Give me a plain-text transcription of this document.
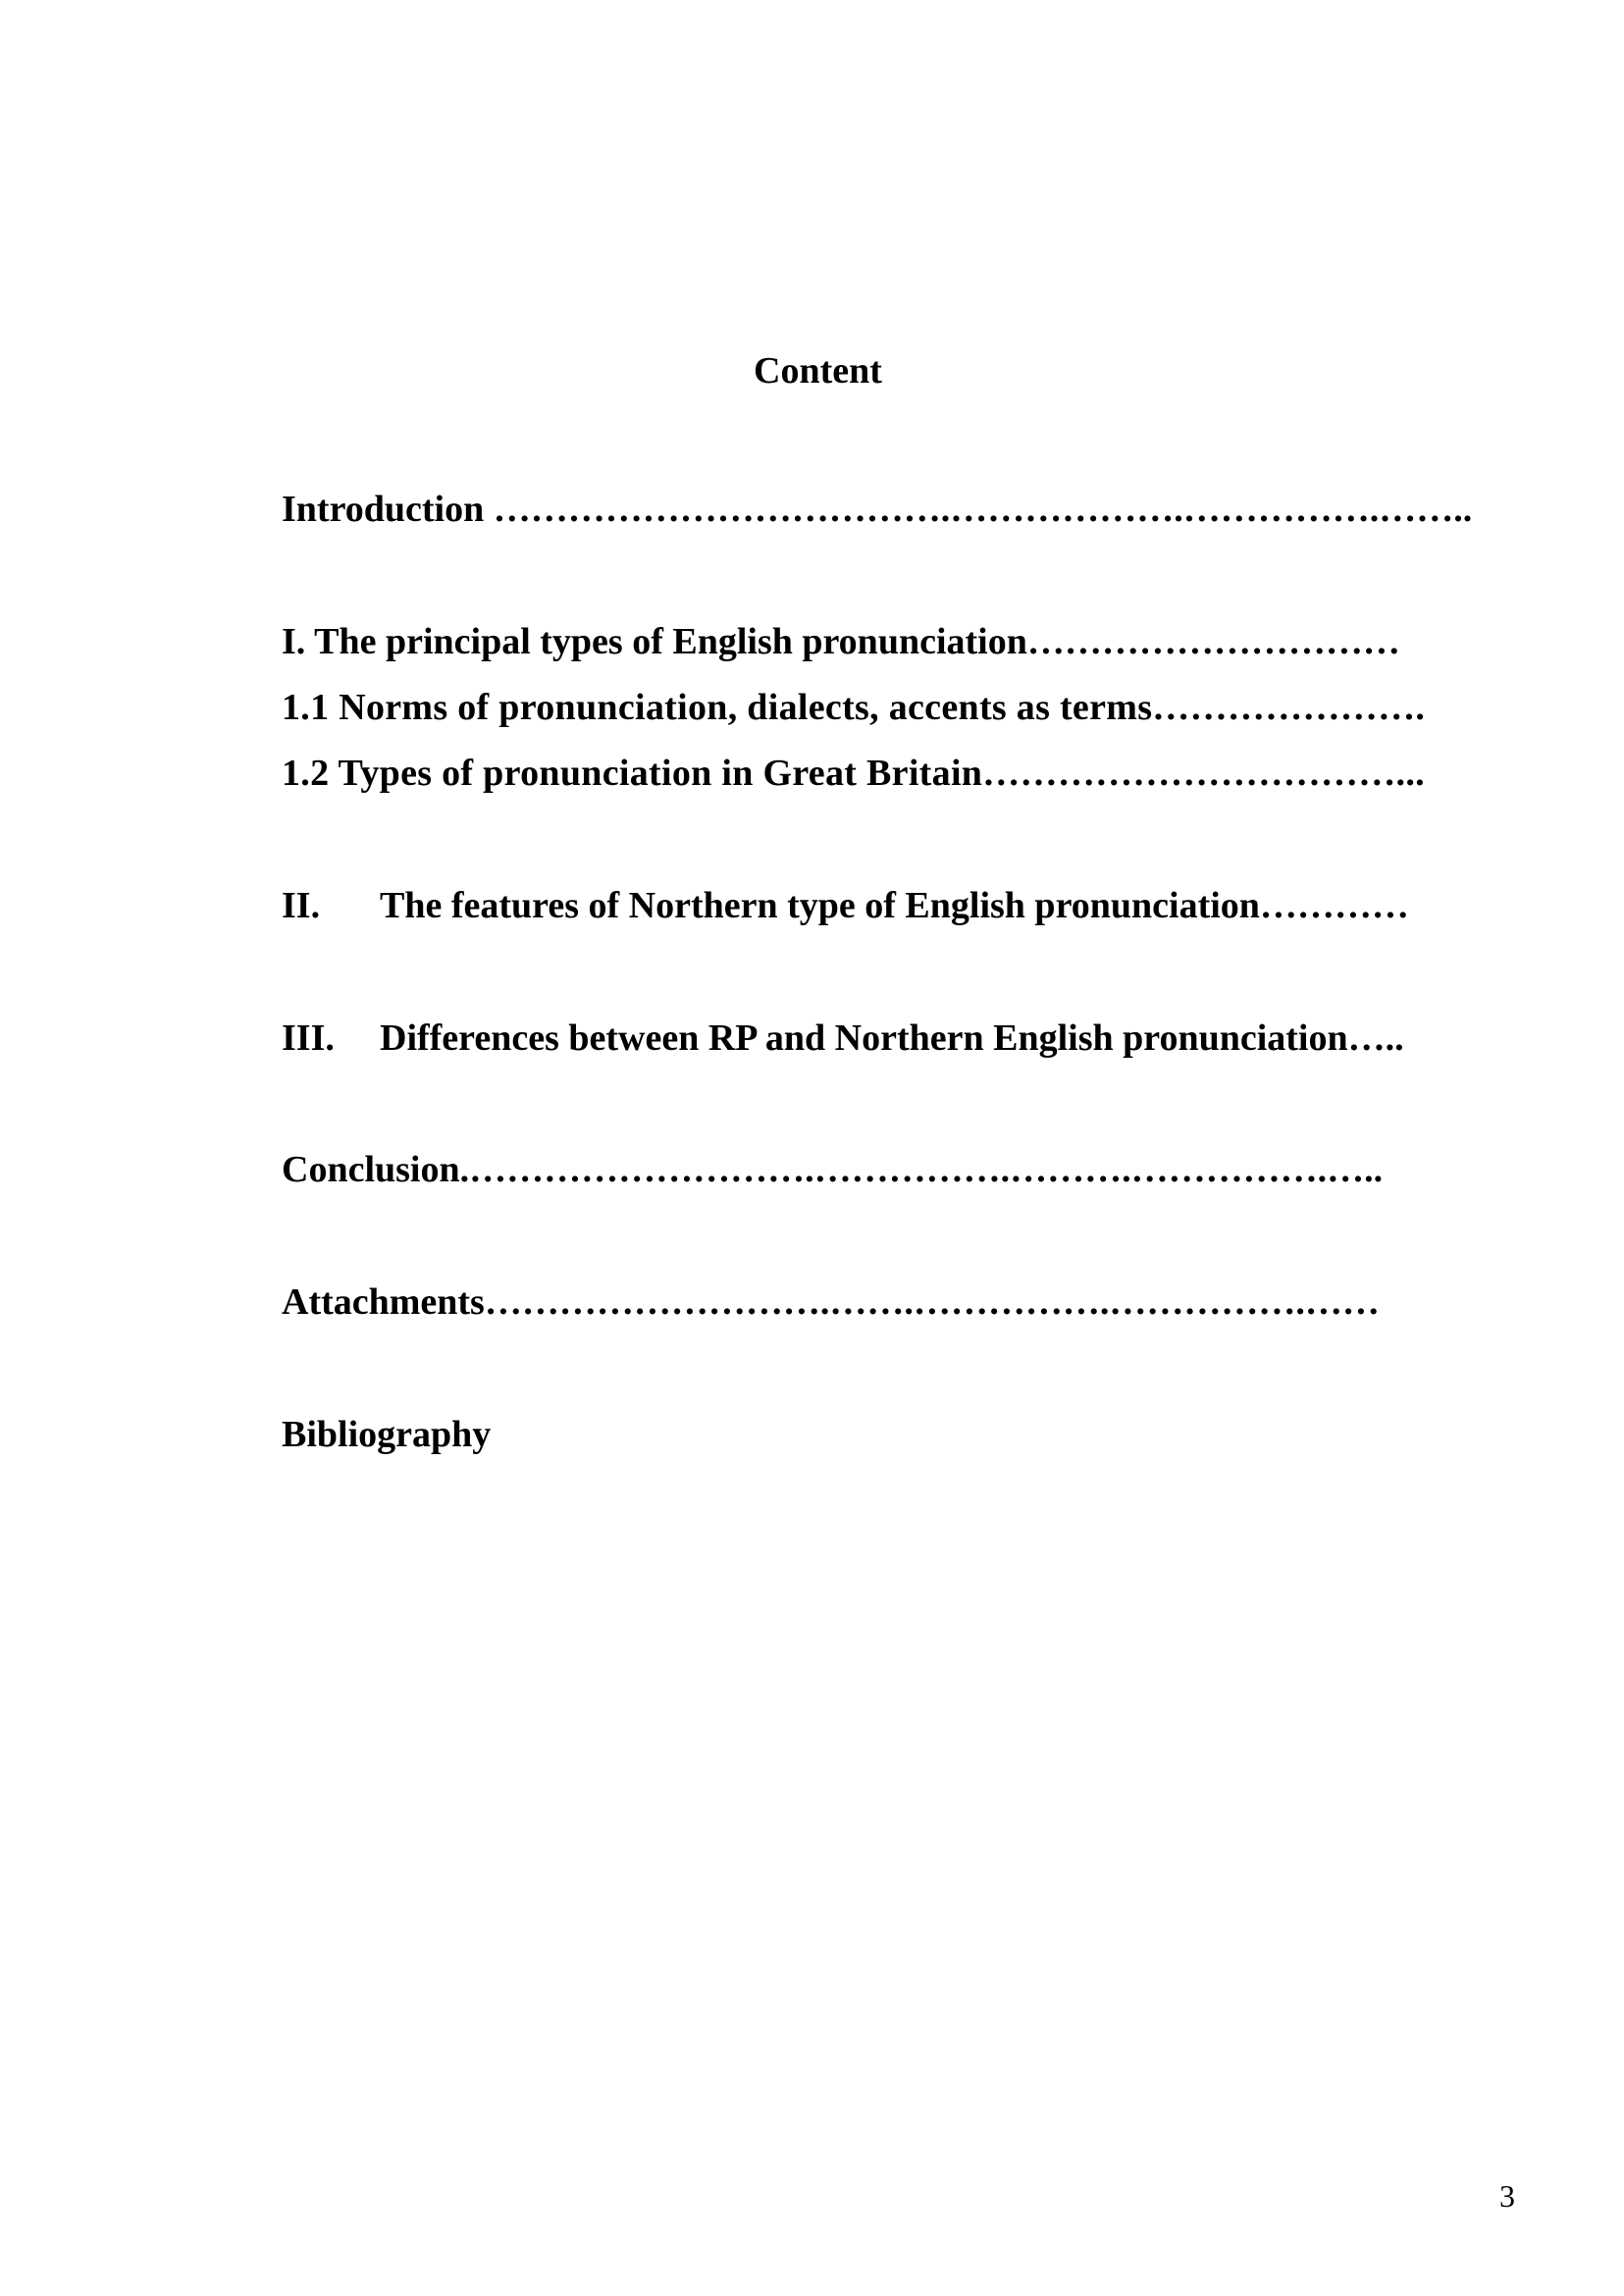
Content
Introduction ……………………………….……………….…………….……..
I. The principal types of English pronunciation…………………………
1.1 Norms of pronunciation, dialects, accents as terms………………….
1.2 Types of pronunciation in Great Britain……………………………...
II. The features of Northern type of English pronunciation…………
III. Differences between RP and Northern English pronunciation…..
Conclusion.……………………….…………….……….…………….…..
Attachments……………………….…….…………….…………….……
Bibliography
3
